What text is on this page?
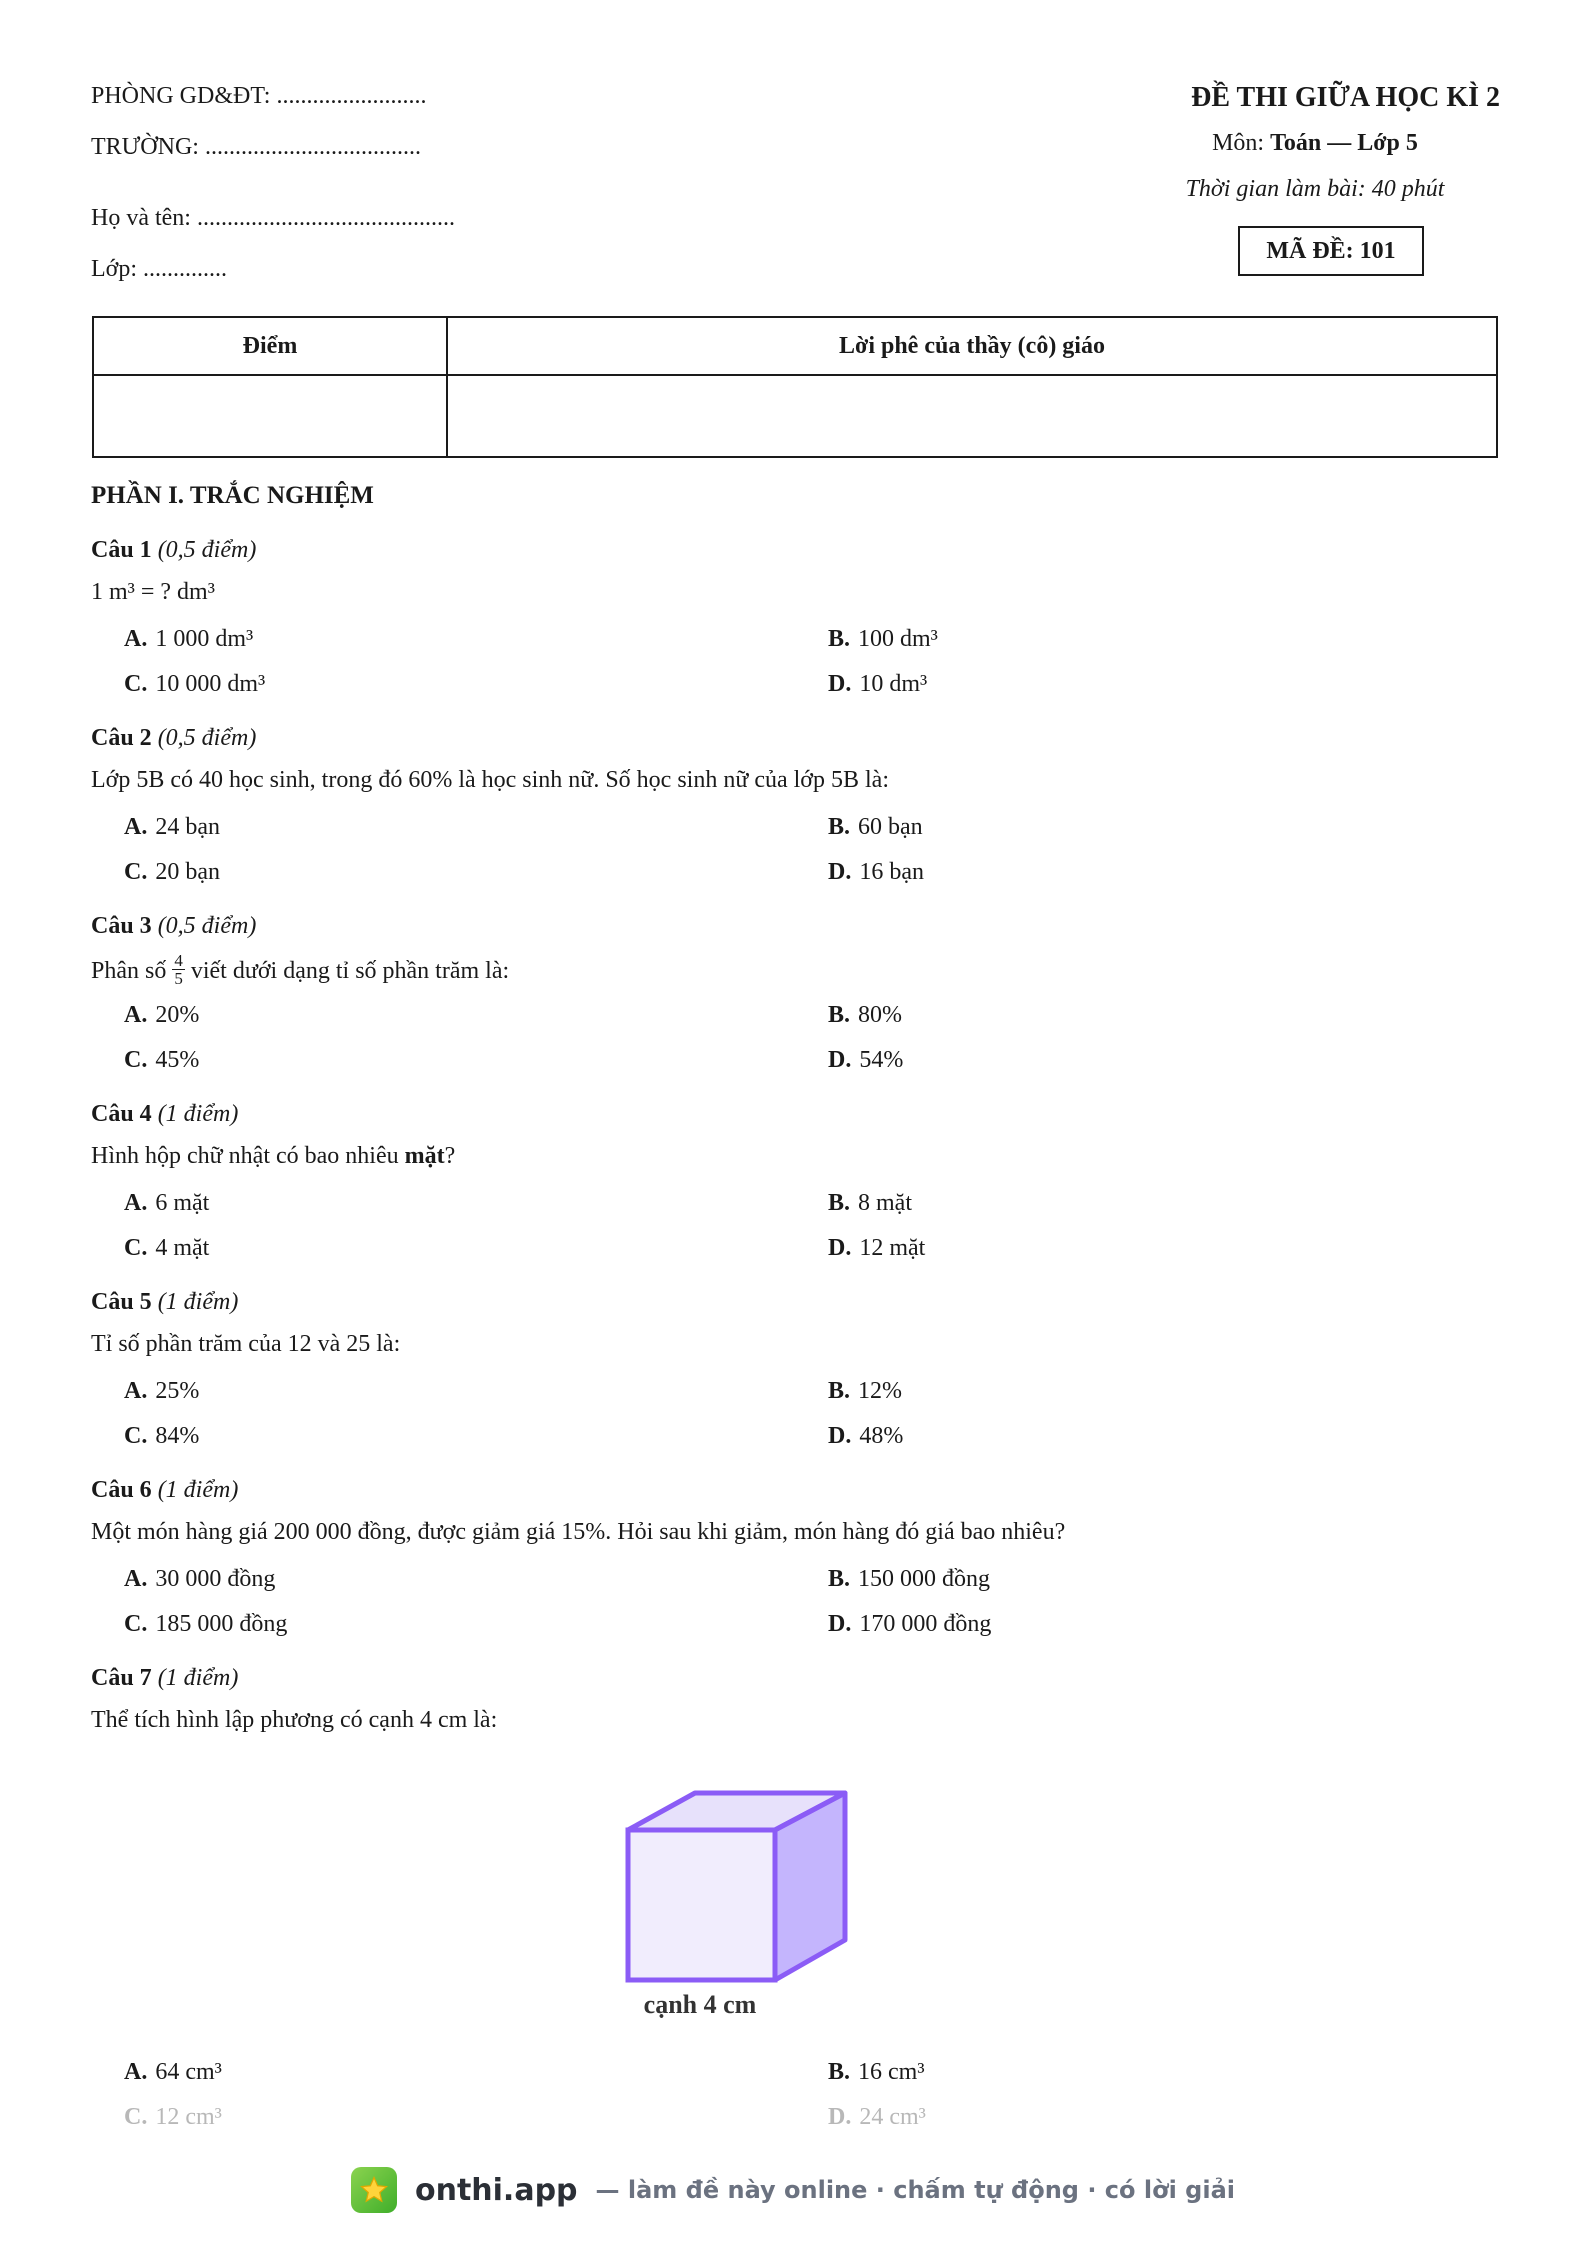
PHÒNG GD&ĐT: .........................
TRƯỜNG: ....................................
Họ và tên: ...........................................
Lớp: ..............
ĐỀ THI GIỮA HỌC KÌ 2
Môn: Toán — Lớp 5
Thời gian làm bài: 40 phút
MÃ ĐỀ: 101
Điểm	Lời phê của thầy (cô) giáo

PHẦN I. TRẮC NGHIỆM
Câu 1 (0,5 điểm)
1 m³ = ? dm³
A. 1 000 dm³	B. 100 dm³
C. 10 000 dm³	D. 10 dm³
Câu 2 (0,5 điểm)
Lớp 5B có 40 học sinh, trong đó 60% là học sinh nữ. Số học sinh nữ của lớp 5B là:
A. 24 bạn	B. 60 bạn
C. 20 bạn	D. 16 bạn
Câu 3 (0,5 điểm)
Phân số $\frac{4}{5}$ viết dưới dạng tỉ số phần trăm là:
A. 20%	B. 80%
C. 45%	D. 54%
Câu 4 (1 điểm)
Hình hộp chữ nhật có bao nhiêu mặt?
A. 6 mặt	B. 8 mặt
C. 4 mặt	D. 12 mặt
Câu 5 (1 điểm)
Tỉ số phần trăm của 12 và 25 là:
A. 25%	B. 12%
C. 84%	D. 48%
Câu 6 (1 điểm)
Một món hàng giá 200 000 đồng, được giảm giá 15%. Hỏi sau khi giảm, món hàng đó giá bao nhiêu?
A. 30 000 đồng	B. 150 000 đồng
C. 185 000 đồng	D. 170 000 đồng
Câu 7 (1 điểm)
Thể tích hình lập phương có cạnh 4 cm là:
cạnh 4 cm
A. 64 cm³	B. 16 cm³
C. 12 cm³	D. 24 cm³
onthi.app — làm đề này online · chấm tự động · có lời giải
